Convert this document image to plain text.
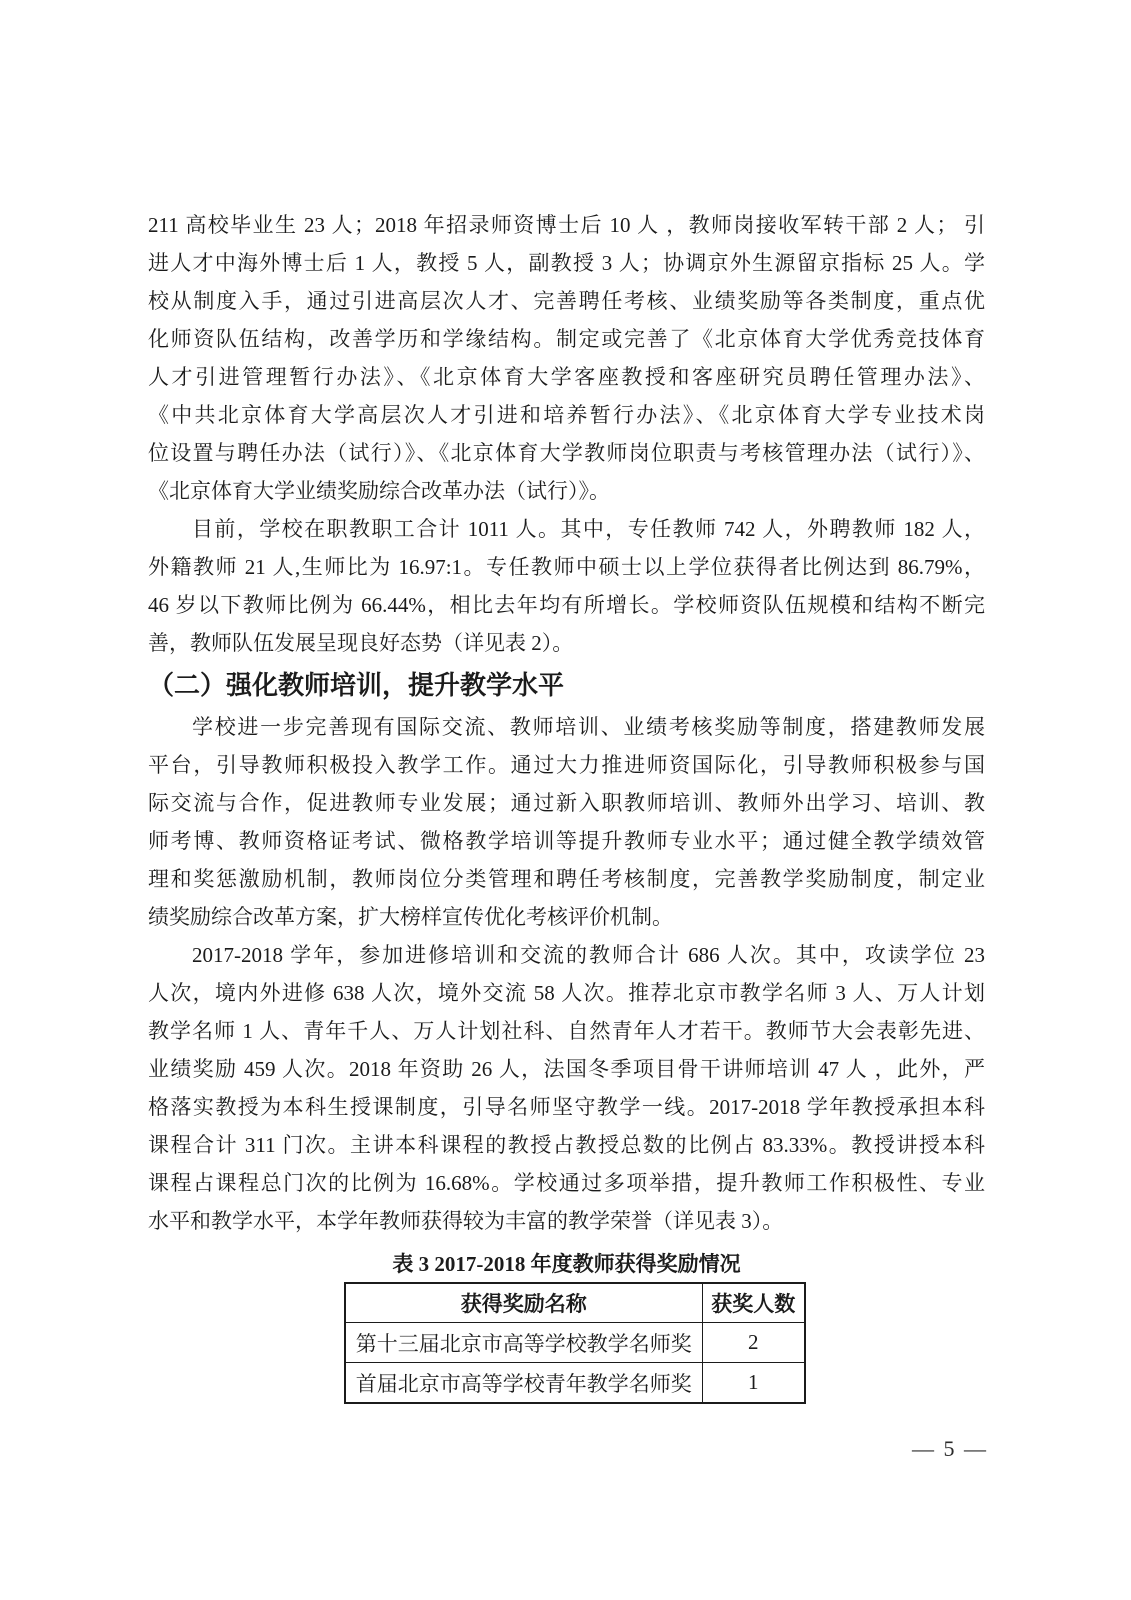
211 高校毕业生 23 人；2018 年招录师资博士后 10 人 ，教师岗接收军转干部 2 人； 引
进人才中海外博士后 1 人，教授 5 人，副教授 3 人；协调京外生源留京指标 25 人。学
校从制度入手，通过引进高层次人才、完善聘任考核、业绩奖励等各类制度，重点优
化师资队伍结构，改善学历和学缘结构。制定或完善了《北京体育大学优秀竞技体育
人才引进管理暂行办法》、《北京体育大学客座教授和客座研究员聘任管理办法》、
《中共北京体育大学高层次人才引进和培养暂行办法》、《北京体育大学专业技术岗
位设置与聘任办法（试行）》、《北京体育大学教师岗位职责与考核管理办法（试行）》、
《北京体育大学业绩奖励综合改革办法（试行）》。
目前，学校在职教职工合计 1011 人。其中，专任教师 742 人，外聘教师 182 人，
外籍教师 21 人,生师比为 16.97:1。专任教师中硕士以上学位获得者比例达到 86.79%，
46 岁以下教师比例为 66.44%，相比去年均有所增长。学校师资队伍规模和结构不断完
善，教师队伍发展呈现良好态势（详见表 2）。
（二）强化教师培训，提升教学水平
学校进一步完善现有国际交流、教师培训、业绩考核奖励等制度，搭建教师发展
平台，引导教师积极投入教学工作。通过大力推进师资国际化，引导教师积极参与国
际交流与合作，促进教师专业发展；通过新入职教师培训、教师外出学习、培训、教
师考博、教师资格证考试、微格教学培训等提升教师专业水平；通过健全教学绩效管
理和奖惩激励机制，教师岗位分类管理和聘任考核制度，完善教学奖励制度，制定业
绩奖励综合改革方案，扩大榜样宣传优化考核评价机制。
2017-2018 学年，参加进修培训和交流的教师合计 686 人次。其中，攻读学位 23
人次，境内外进修 638 人次，境外交流 58 人次。推荐北京市教学名师 3 人、万人计划
教学名师 1 人、青年千人、万人计划社科、自然青年人才若干。教师节大会表彰先进、
业绩奖励 459 人次。2018 年资助 26 人，法国冬季项目骨干讲师培训 47 人 ，此外，严
格落实教授为本科生授课制度，引导名师坚守教学一线。2017-2018 学年教授承担本科
课程合计 311 门次。主讲本科课程的教授占教授总数的比例占 83.33%。教授讲授本科
课程占课程总门次的比例为 16.68%。学校通过多项举措，提升教师工作积极性、专业
水平和教学水平，本学年教师获得较为丰富的教学荣誉（详见表 3）。
表 3 2017-2018 年度教师获得奖励情况
获得奖励名称	获奖人数
第十三届北京市高等学校教学名师奖	2
首届北京市高等学校青年教学名师奖	1
— 5 —
